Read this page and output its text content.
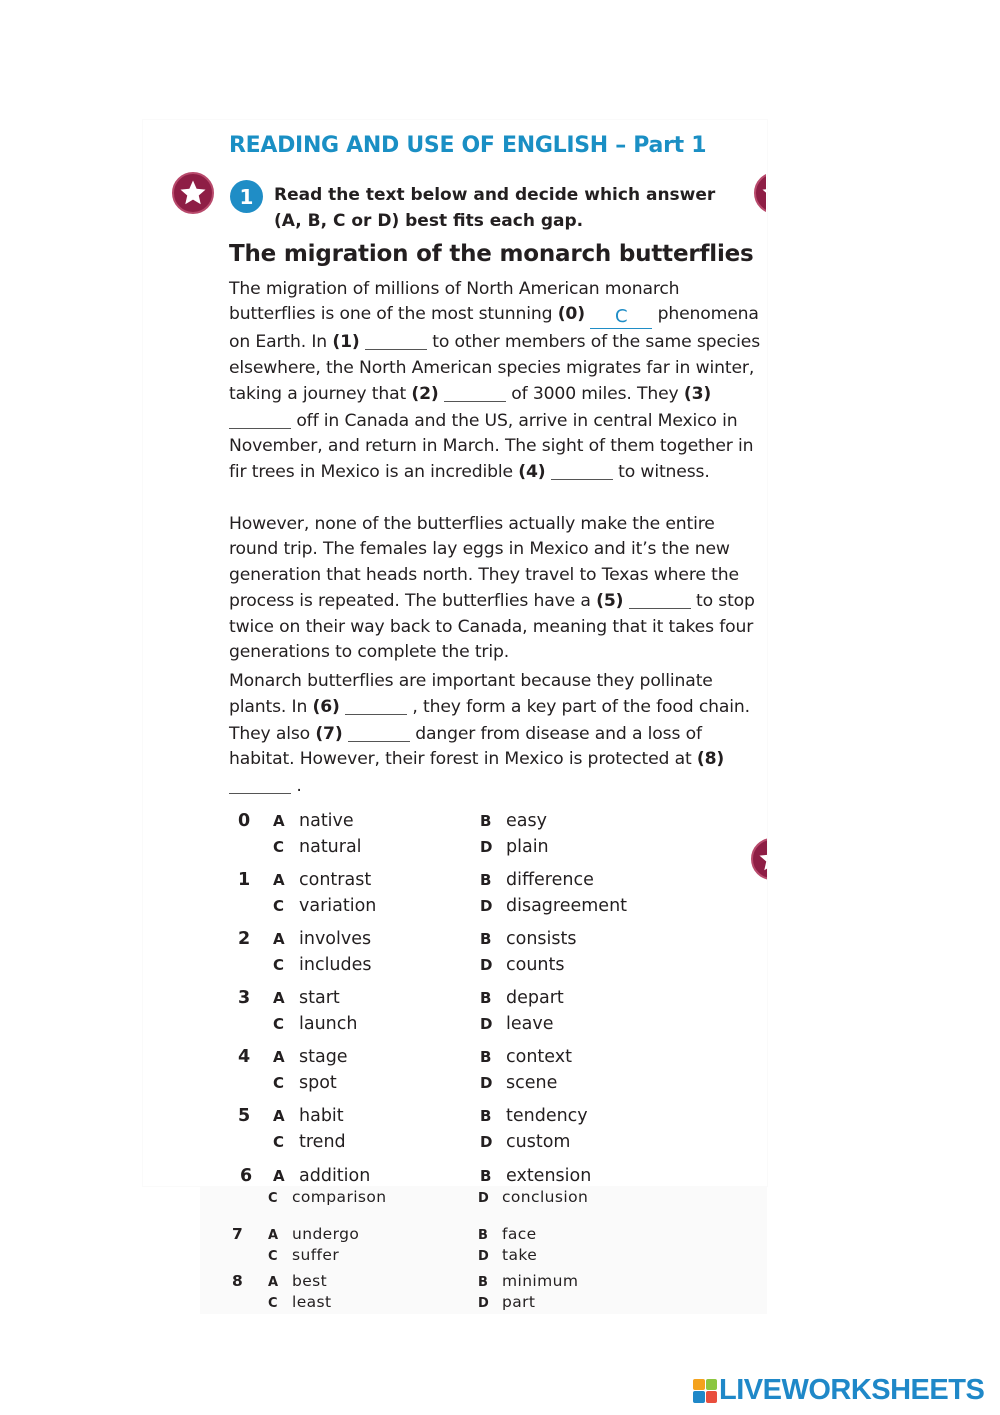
READING AND USE OF ENGLISH – Part 1
1	Read the text below and decide which answer (A, B, C or D) best fits each gap.

The migration of the monarch butterflies

The migration of millions of North American monarch butterflies is one of the most stunning (0) C phenomena on Earth. In (1)	to other members of the same species elsewhere, the North American species migrates far in winter, taking a journey that (2)	of 3000 miles. They (3)  off in Canada and the US, arrive in central Mexico in November, and return in March. The sight of them together in fir trees in Mexico is an incredible (4)	to witness.

However, none of the butterflies actually make the entire round trip. The females lay eggs in Mexico and it’s the new generation that heads north. They travel to Texas where the process is repeated. The butterflies have a (5)	to stop twice on their way back to Canada, meaning that it takes four generations to complete the trip.

Monarch butterflies are important because they pollinate plants. In (6)	, they form a key part of the food chain. They also (7)	danger from disease and a loss of habitat. However, their forest in Mexico is protected at (8)  .

0 A native	B easy
C natural	D plain
1 A contrast	B difference
C variation	D disagreement
2 A involves	B consists
C includes	D counts
3 A start	B depart
C launch	D leave
4 A stage	B context
C spot	D scene
5 A habit	B tendency
C trend	D custom
6 A addition	B extension
C comparison	D conclusion
7 A undergo	B face
C suffer	D take
8 A best	B minimum
C least	D part
LIVEWORKSHEETS
